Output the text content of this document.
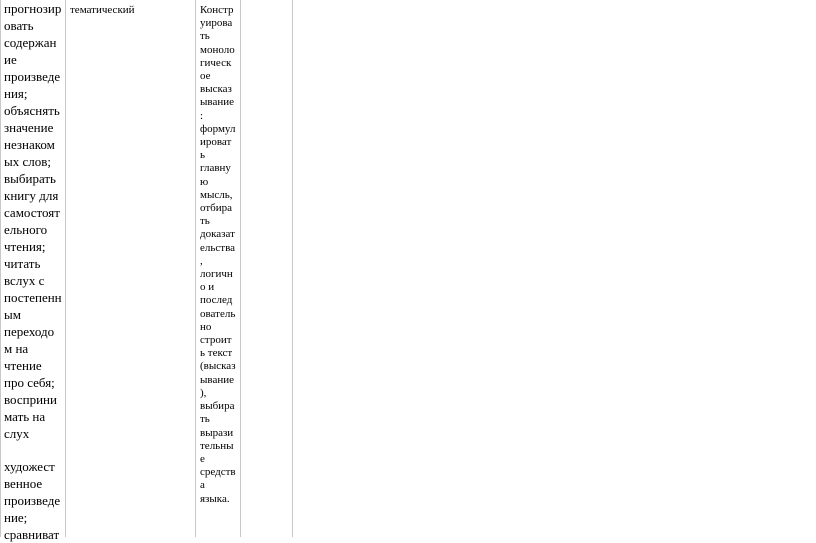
прогнозир
овать
содержан
ие
произведе
ния;
объяснять
значение
незнаком
ых слов;
выбирать
книгу для
самостоят
ельного
чтения;
читать
вслух с
постепенн
ым
переходо
м на
чтение
про себя;
восприни
мать на
слух
художест
венное
произведе
ние;
сравниват
тематический	Констр
уирова
ть
моноло
гическ
ое
высказ
ывание
:
формул
ироват
ь
главну
ю
мысль,
отбира
ть
доказат
ельства
,
логичн
о и
послед
ователь
но
строит
ь текст
(высказ
ывание
),
выбира
ть
вырази
тельны
е
средств
а
языка.
